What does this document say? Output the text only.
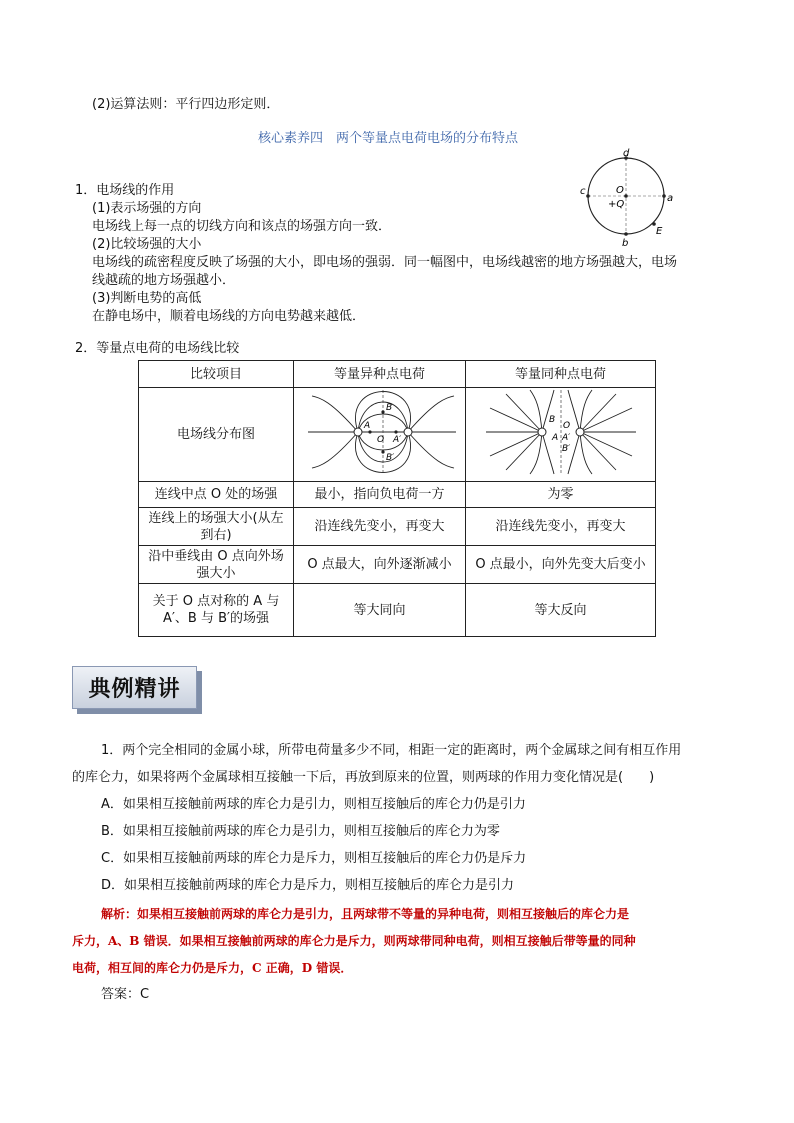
(2)运算法则：平行四边形定则．
核心素养四　两个等量点电荷电场的分布特点
d
c	O
+Q
a
b
E
1．电场线的作用
(1)表示场强的方向
电场线上每一点的切线方向和该点的场强方向一致．
(2)比较场强的大小
电场线的疏密程度反映了场强的大小，即电场的强弱．同一幅图中，电场线越密的地方场强越大，电场
线越疏的地方场强越小．
(3)判断电势的高低
在静电场中，顺着电场线的方向电势越来越低．
2．等量点电荷的电场线比较
比较项目	等量异种点电荷	等量同种点电荷
电场线分布图	B
A
O A′
B′	B
O
A A′
B′

连线中点 O 处的场强	最小，指向负电荷一方	为零
连线上的场强大小(从左到右)	沿连线先变小，再变大	沿连线先变小，再变大
沿中垂线由 O 点向外场强大小	O 点最大，向外逐渐减小	O 点最小，向外先变大后变小
关于 O 点对称的 A 与 A′、B 与 B′的场强	等大同向	等大反向
典例精讲
1．两个完全相同的金属小球，所带电荷量多少不同，相距一定的距离时，两个金属球之间有相互作用
的库仑力，如果将两个金属球相互接触一下后，再放到原来的位置，则两球的作用力变化情况是(　　)
A．如果相互接触前两球的库仑力是引力，则相互接触后的库仑力仍是引力
B．如果相互接触前两球的库仑力是引力，则相互接触后的库仑力为零
C．如果相互接触前两球的库仑力是斥力，则相互接触后的库仑力仍是斥力
D．如果相互接触前两球的库仑力是斥力，则相互接触后的库仑力是引力
解析：如果相互接触前两球的库仑力是引力，且两球带不等量的异种电荷，则相互接触后的库仑力是
斥力，A、B 错误．如果相互接触前两球的库仑力是斥力，则两球带同种电荷，则相互接触后带等量的同种
电荷，相互间的库仑力仍是斥力，C 正确，D 错误．
答案：C
